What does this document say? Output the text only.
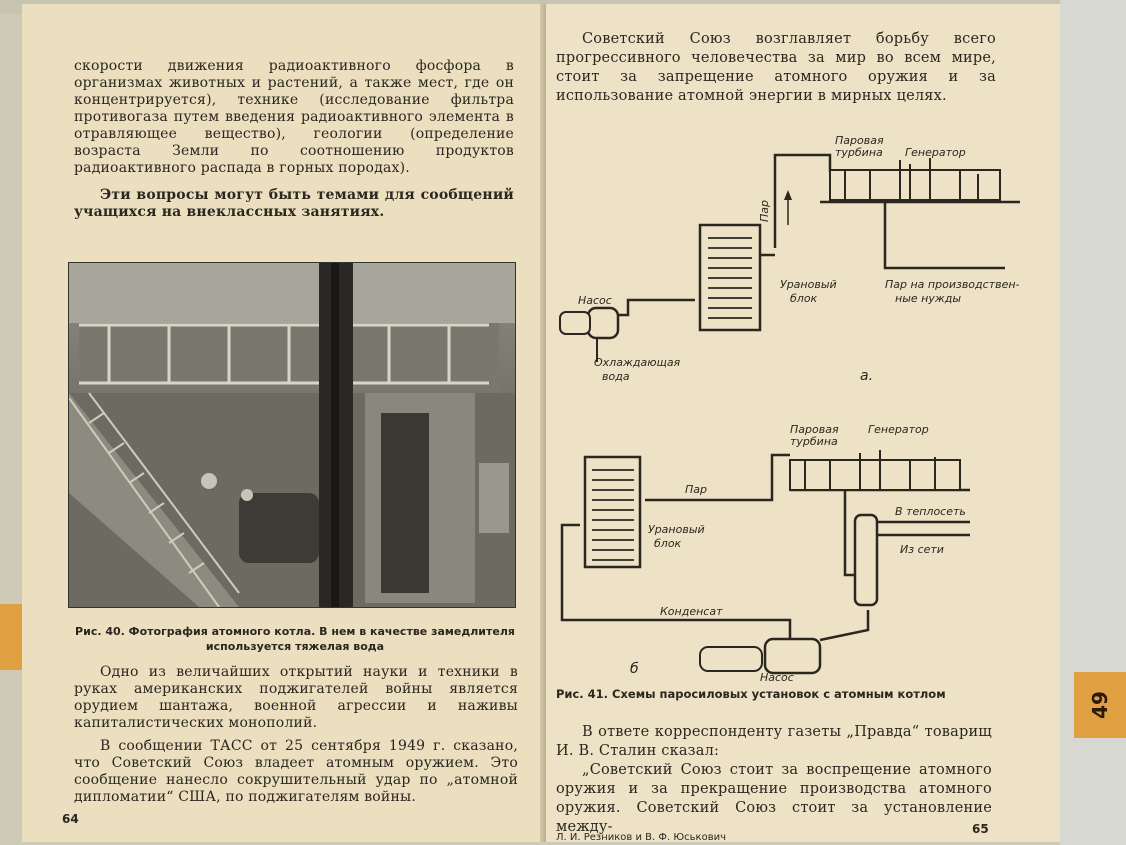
49

скорости движения радиоактивного фосфора в организмах животных и растений, а также мест, где он концентрируется), технике (исследование фильтра противогаза путем введения радиоактивного элемента в отравляющее вещество), геологии (определение возраста Земли по соотношению продуктов радиоактивного распада в горных породах).

Эти вопросы могут быть темами для сообщений учащихся на внеклассных занятиях.

Рис. 40. Фотография атомного котла. В нем в качестве замедлителя используется тяжелая вода

Одно из величайших открытий науки и техники в руках американских поджигателей войны является орудием шантажа, военной агрессии и наживы капиталистических монополий.

В сообщении ТАСС от 25 сентября 1949 г. сказано, что Советский Союз владеет атомным оружием. Это сообщение нанесло сокрушительный удар по „атомной дипломатии“ США, по поджигателям войны.

64

Советский Союз возглавляет борьбу всего прогрессивного человечества за мир во всем мире, стоит за запрещение атомного оружия и за использование атомной энергии в мирных целях.

Паровая
турбина Генератор
Пар
Урановый
блок
Насос
Охлаждающая
вода
Пар на производствен-
ные нужды
а.
Паровая
турбина
Генератор
Пар
Урановый
блок
В теплосеть
Из сети
Конденсат
Насос
б
Рис. 41. Схемы паросиловых установок с атомным котлом

В ответе корреспонденту газеты „Правда“ товарищ И. В. Сталин сказал:

„Советский Союз стоит за воспрещение атомного оружия и за прекращение производства атомного оружия. Советский Союз стоит за установление между-

Л. И. Резников и В. Ф. Юськович
65
